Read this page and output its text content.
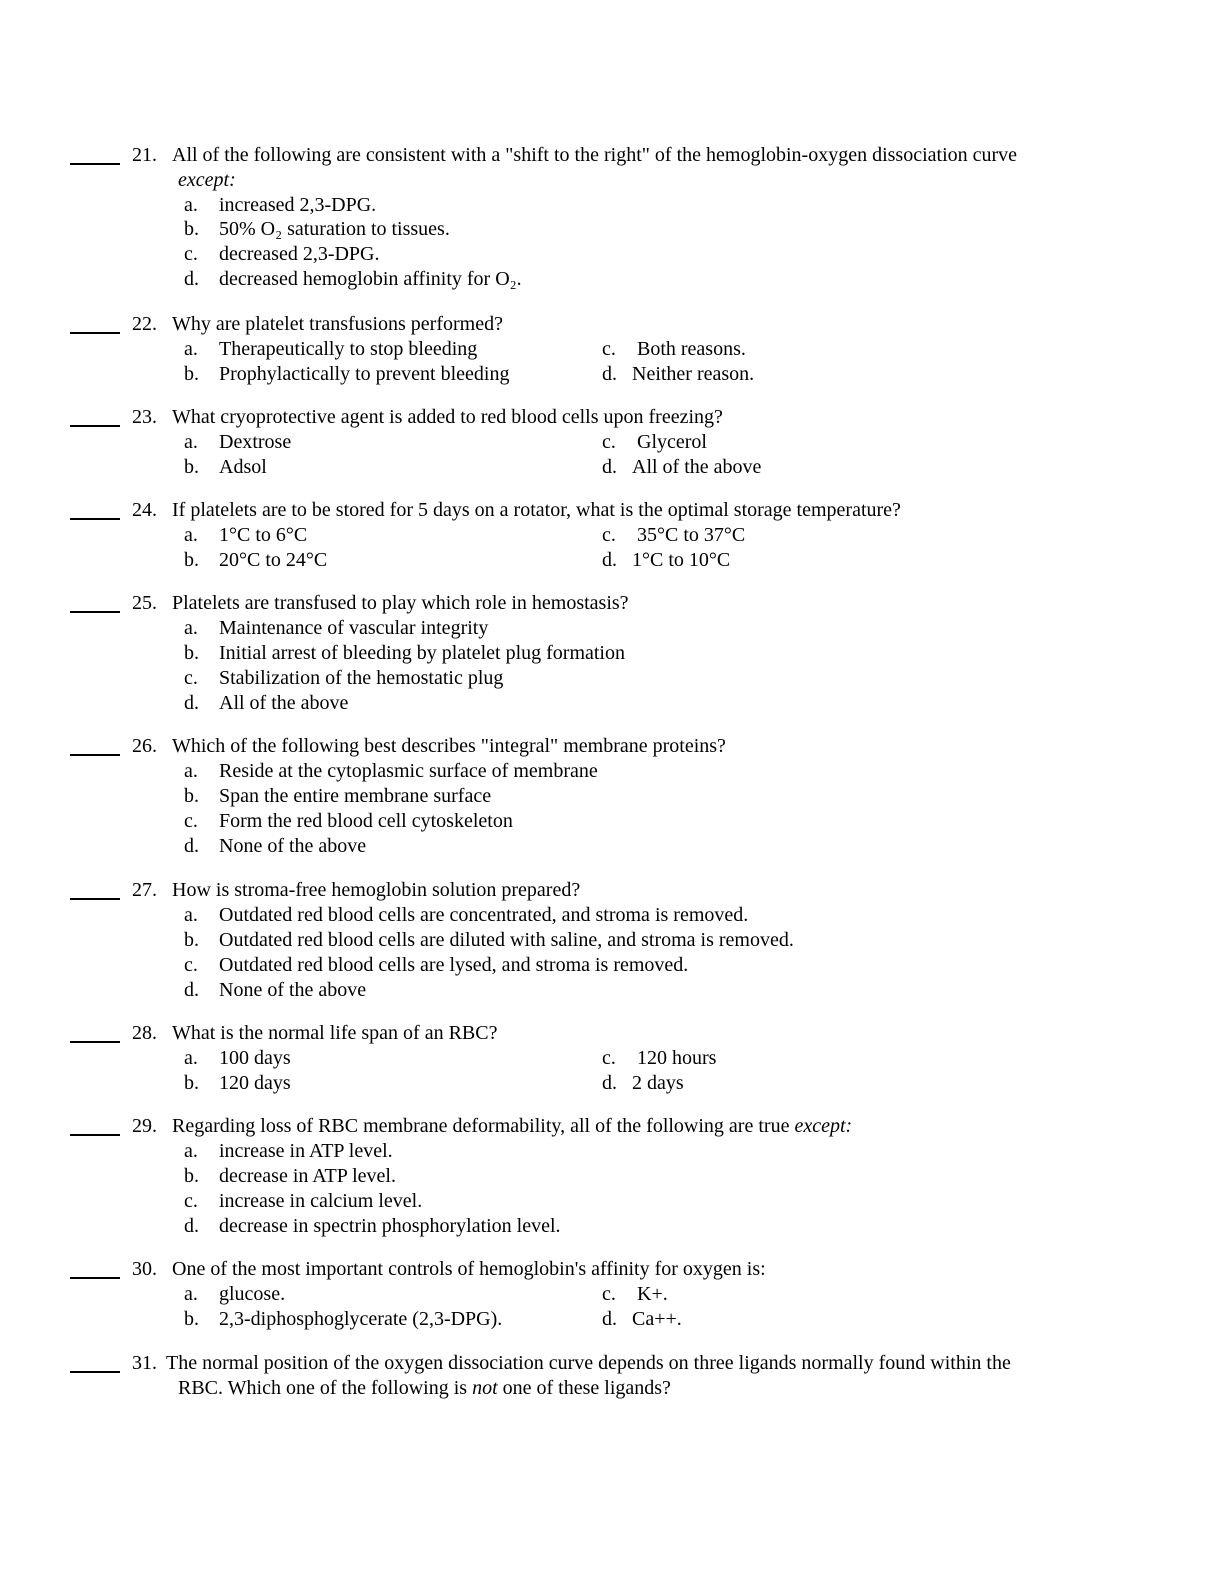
21. All of the following are consistent with a "shift to the right" of the hemoglobin-oxygen dissociation curve
except:
a. increased 2,3-DPG.
b. 50% O₂ saturation to tissues.
c. decreased 2,3-DPG.
d. decreased hemoglobin affinity for O₂.
22. Why are platelet transfusions performed?
a. Therapeutically to stop bleeding
b. Prophylactically to prevent bleeding
c. Both reasons.
d. Neither reason.
23. What cryoprotective agent is added to red blood cells upon freezing?
a. Dextrose
b. Adsol
c. Glycerol
d. All of the above
24. If platelets are to be stored for 5 days on a rotator, what is the optimal storage temperature?
a. 1°C to 6°C
b. 20°C to 24°C
c. 35°C to 37°C
d. 1°C to 10°C
25. Platelets are transfused to play which role in hemostasis?
a. Maintenance of vascular integrity
b. Initial arrest of bleeding by platelet plug formation
c. Stabilization of the hemostatic plug
d. All of the above
26. Which of the following best describes "integral" membrane proteins?
a. Reside at the cytoplasmic surface of membrane
b. Span the entire membrane surface
c. Form the red blood cell cytoskeleton
d. None of the above
27. How is stroma-free hemoglobin solution prepared?
a. Outdated red blood cells are concentrated, and stroma is removed.
b. Outdated red blood cells are diluted with saline, and stroma is removed.
c. Outdated red blood cells are lysed, and stroma is removed.
d. None of the above
28. What is the normal life span of an RBC?
a. 100 days
b. 120 days
c. 120 hours
d. 2 days
29. Regarding loss of RBC membrane deformability, all of the following are true except:
a. increase in ATP level.
b. decrease in ATP level.
c. increase in calcium level.
d. decrease in spectrin phosphorylation level.
30. One of the most important controls of hemoglobin's affinity for oxygen is:
a. glucose.
b. 2,3-diphosphoglycerate (2,3-DPG).
c. K+.
d. Ca++.
31. The normal position of the oxygen dissociation curve depends on three ligands normally found within the
RBC. Which one of the following is not one of these ligands?
